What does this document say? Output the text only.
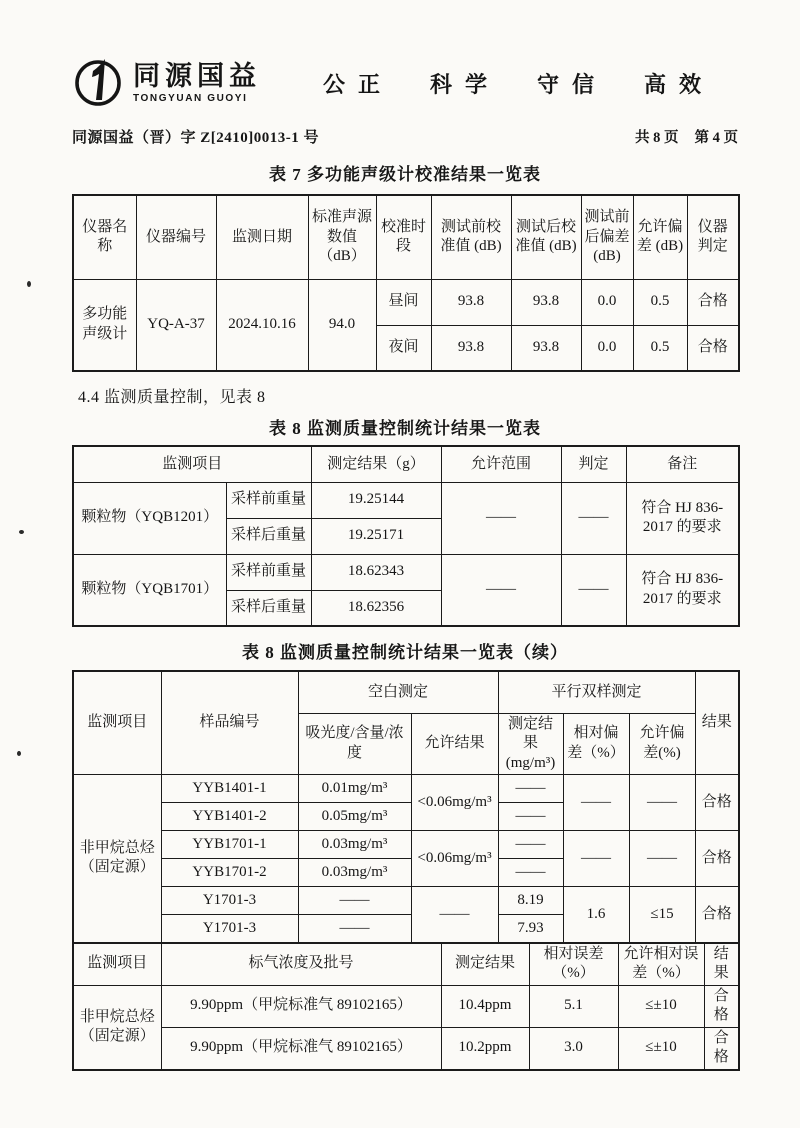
同源国益
TONGYUAN GUOYI
公正 科学 守信 高效
同源国益（晋）字 Z[2410]0013-1 号	共 8 页 第 4 页
表 7 多功能声级计校准结果一览表
仪器名称	仪器编号	监测日期	标准声源数值（dB）	校准时段	测试前校准值 (dB)	测试后校准值 (dB)	测试前后偏差 (dB)	允许偏差 (dB)	仪器判定
多功能声级计	YQ-A-37	2024.10.16	94.0	昼间	93.8	93.8	0.0	0.5	合格
				夜间	93.8	93.8	0.0	0.5	合格
4.4 监测质量控制，见表 8
表 8 监测质量控制统计结果一览表
监测项目		测定结果（g）	允许范围	判定	备注
颗粒物（YQB1201）	采样前重量	19.25144	——	——	符合 HJ 836-2017 的要求
	采样后重量	19.25171			
颗粒物（YQB1701）	采样前重量	18.62343	——	——	符合 HJ 836-2017 的要求
	采样后重量	18.62356			
表 8 监测质量控制统计结果一览表（续）
监测项目	样品编号	空白测定		平行双样测定			结果
		吸光度/含量/浓度	允许结果	测定结果 (mg/m³)	相对偏差（%）	允许偏差(%)	
非甲烷总烃（固定源）	YYB1401-1	0.01mg/m³	<0.06mg/m³	——	——	——	合格
	YYB1401-2	0.05mg/m³		——			
	YYB1701-1	0.03mg/m³	<0.06mg/m³	——	——	——	合格
	YYB1701-2	0.03mg/m³		——			
	Y1701-3	——	——	8.19	1.6	≤15	合格
	Y1701-3	——		7.93			
监测项目	标气浓度及批号	测定结果	相对误差（%）	允许相对误差（%）	结果
非甲烷总烃（固定源）	9.90ppm（甲烷标准气 89102165）	10.4ppm	5.1	≤±10	合格
	9.90ppm（甲烷标准气 89102165）	10.2ppm	3.0	≤±10	合格
